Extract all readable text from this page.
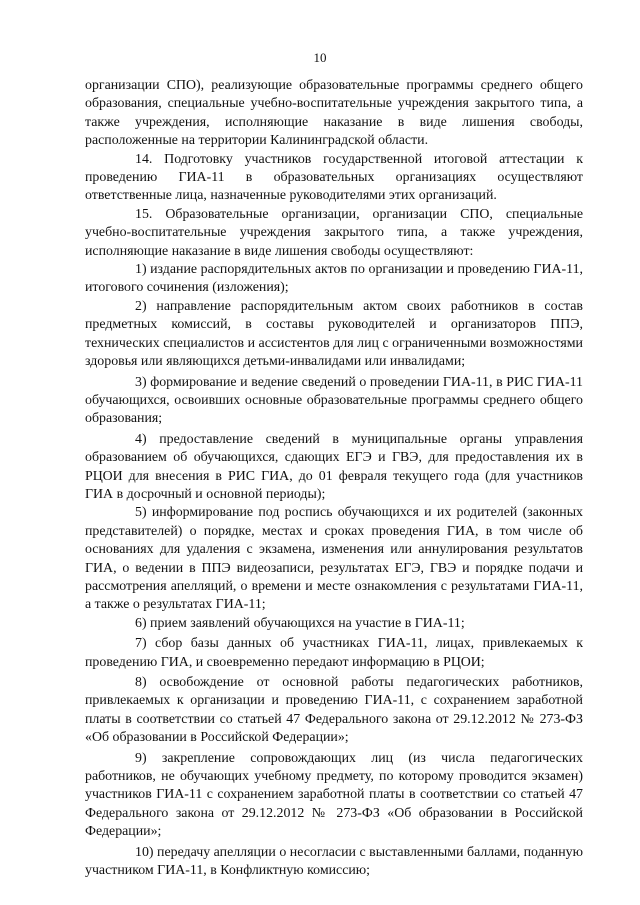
10

организации СПО), реализующие образовательные программы среднего общего образования, специальные учебно-воспитательные учреждения закрытого типа, а также учреждения, исполняющие наказание в виде лишения свободы, расположенные на территории Калининградской области.

14. Подготовку участников государственной итоговой аттестации к проведению ГИА-11 в образовательных организациях осуществляют ответственные лица, назначенные руководителями этих организаций.

15. Образовательные организации, организации СПО, специальные учебно-воспитательные учреждения закрытого типа, а также учреждения, исполняющие наказание в виде лишения свободы осуществляют:

1) издание распорядительных актов по организации и проведению ГИА-11, итогового сочинения (изложения);

2) направление распорядительным актом своих работников в состав предметных комиссий, в составы руководителей и организаторов ППЭ, технических специалистов и ассистентов для лиц с ограниченными возможностями здоровья или являющихся детьми-инвалидами или инвалидами;

3) формирование и ведение сведений о проведении ГИА-11, в РИС ГИА-11 обучающихся, освоивших основные образовательные программы среднего общего образования;

4) предоставление сведений в муниципальные органы управления образованием об обучающихся, сдающих ЕГЭ и ГВЭ, для предоставления их в РЦОИ для внесения в РИС ГИА, до 01 февраля текущего года (для участников ГИА в досрочный и основной периоды);

5) информирование под роспись обучающихся и их родителей (законных представителей) о порядке, местах и сроках проведения ГИА, в том числе об основаниях для удаления с экзамена, изменения или аннулирования результатов ГИА, о ведении в ППЭ видеозаписи, результатах ЕГЭ, ГВЭ и порядке подачи и рассмотрения апелляций, о времени и месте ознакомления с результатами ГИА-11, а также о результатах ГИА-11;

6) прием заявлений обучающихся на участие в ГИА-11;

7) сбор базы данных об участниках ГИА-11, лицах, привлекаемых к проведению ГИА, и своевременно передают информацию в РЦОИ;

8) освобождение от основной работы педагогических работников, привлекаемых к организации и проведению ГИА-11, с сохранением заработной платы в соответствии со статьей 47 Федерального закона от 29.12.2012 № 273-ФЗ «Об образовании в Российской Федерации»;

9) закрепление сопровождающих лиц (из числа педагогических работников, не обучающих учебному предмету, по которому проводится экзамен) участников ГИА-11 с сохранением заработной платы в соответствии со статьей 47 Федерального закона от 29.12.2012 № 273-ФЗ «Об образовании в Российской Федерации»;

10) передачу апелляции о несогласии с выставленными баллами, поданную участником ГИА-11, в Конфликтную комиссию;
